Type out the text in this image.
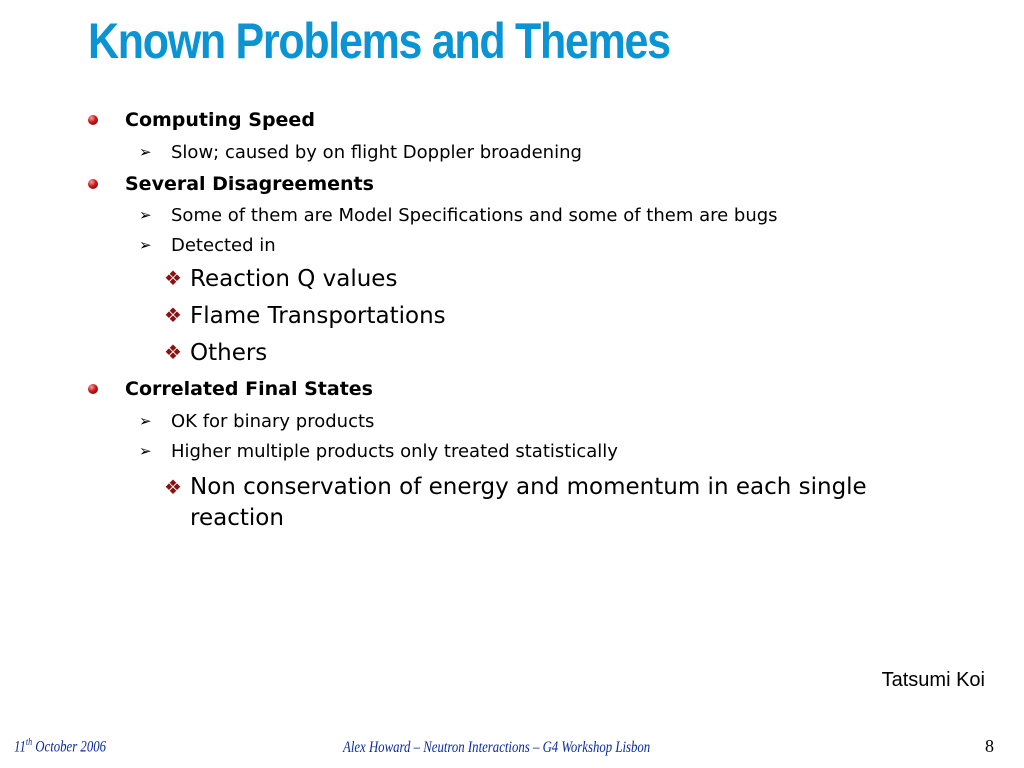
Known Problems and Themes
Computing Speed
➢ Slow; caused by on flight Doppler broadening
Several Disagreements
➢ Some of them are Model Specifications and some of them are bugs
➢ Detected in
❖ Reaction Q values
❖ Flame Transportations
❖ Others
Correlated Final States
➢ OK for binary products
➢ Higher multiple products only treated statistically
❖ Non conservation of energy and momentum in each single reaction
Tatsumi Koi
11th October 2006	Alex Howard – Neutron Interactions – G4 Workshop Lisbon	8
